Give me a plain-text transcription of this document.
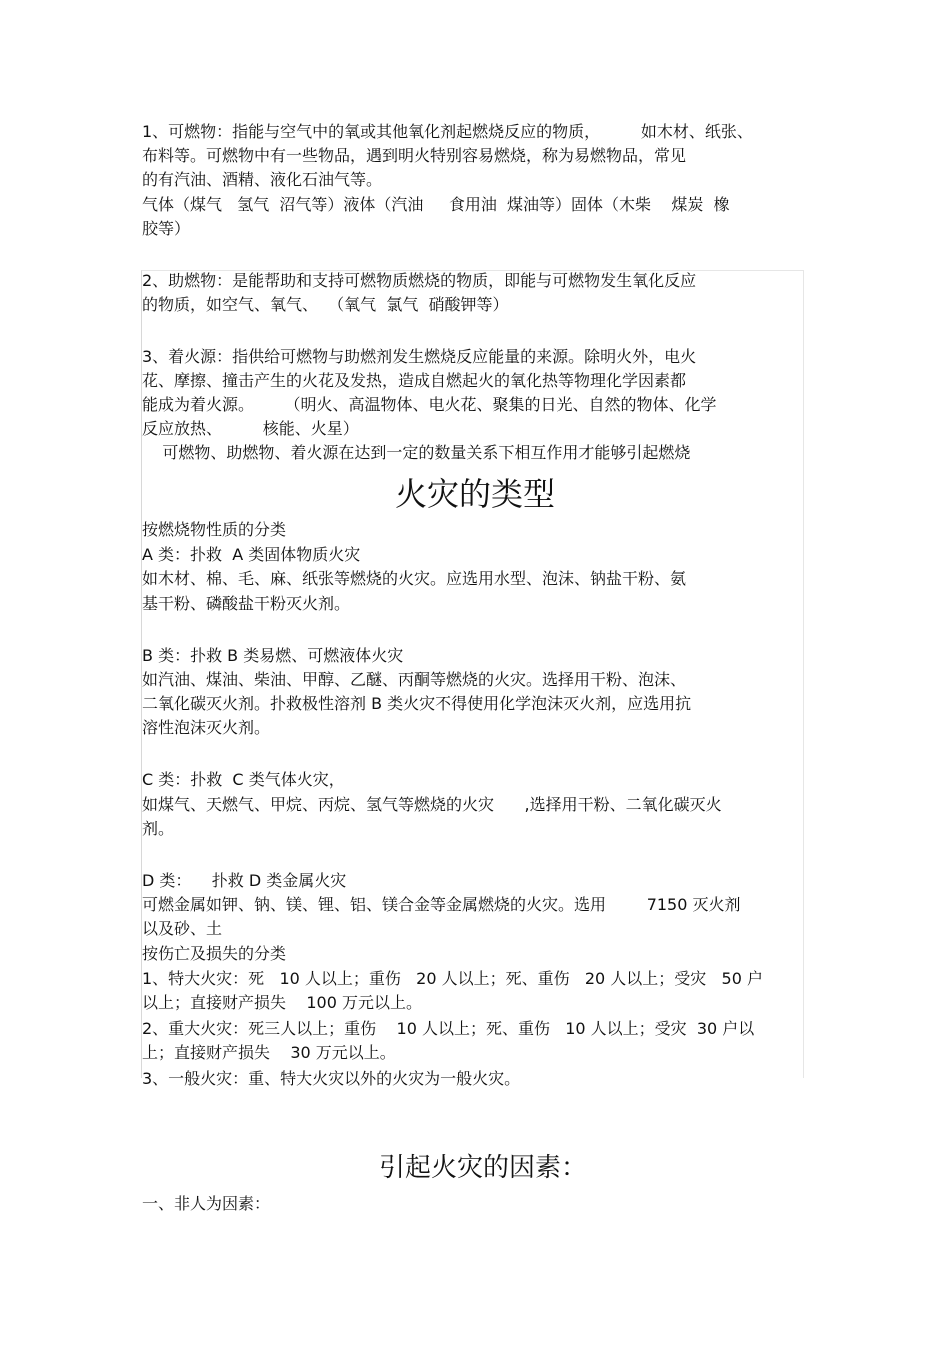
1、可燃物：指能与空气中的氧或其他氧化剂起燃烧反应的物质，        如木材、纸张、
布料等。可燃物中有一些物品，遇到明火特别容易燃烧，称为易燃物品，常见
的有汽油、酒精、液化石油气等。
气体（煤气   氢气  沼气等）液体（汽油     食用油  煤油等）固体（木柴    煤炭  橡
胶等）
2、助燃物：是能帮助和支持可燃物质燃烧的物质，即能与可燃物发生氧化反应
的物质，如空气、氧气、  （氧气  氯气  硝酸钾等）
3、着火源：指供给可燃物与助燃剂发生燃烧反应能量的来源。除明火外，电火
花、摩擦、撞击产生的火花及发热，造成自燃起火的氧化热等物理化学因素都
能成为着火源。      （明火、高温物体、电火花、聚集的日光、自然的物体、化学
反应放热、        核能、火星）
可燃物、助燃物、着火源在达到一定的数量关系下相互作用才能够引起燃烧
火灾的类型
按燃烧物性质的分类
A 类：扑救  A 类固体物质火灾
如木材、棉、毛、麻、纸张等燃烧的火灾。应选用水型、泡沫、钠盐干粉、氨
基干粉、磷酸盐干粉灭火剂。
B 类：扑救 B 类易燃、可燃液体火灾
如汽油、煤油、柴油、甲醇、乙醚、丙酮等燃烧的火灾。选择用干粉、泡沫、
二氧化碳灭火剂。扑救极性溶剂 B 类火灾不得使用化学泡沫灭火剂，应选用抗
溶性泡沫灭火剂。
C 类：扑救  C 类气体火灾，
如煤气、天燃气、甲烷、丙烷、氢气等燃烧的火灾      ,选择用干粉、二氧化碳灭火
剂。
D 类：    扑救 D 类金属火灾
可燃金属如钾、钠、镁、锂、铝、镁合金等金属燃烧的火灾。选用        7150 灭火剂
以及砂、土
按伤亡及损失的分类
1、特大火灾：死   10 人以上；重伤   20 人以上；死、重伤   20 人以上；受灾   50 户
以上；直接财产损失    100 万元以上。
2、重大火灾：死三人以上；重伤    10 人以上；死、重伤   10 人以上；受灾  30 户以
上；直接财产损失    30 万元以上。
3、一般火灾：重、特大火灾以外的火灾为一般火灾。
引起火灾的因素：
一、非人为因素：
